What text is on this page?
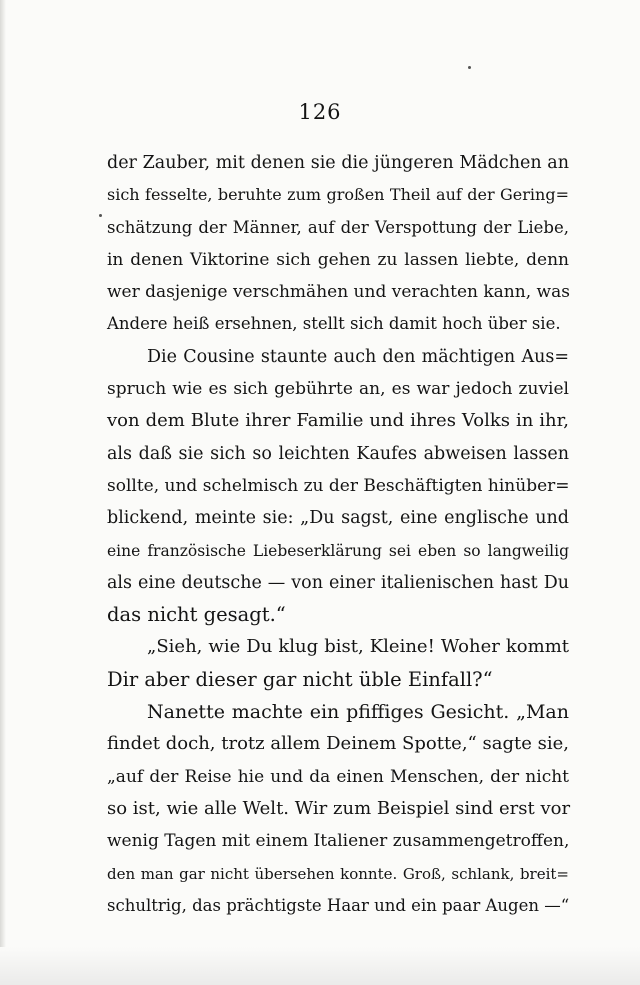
126
der Zauber, mit denen sie die jüngeren Mädchen an
sich fesselte, beruhte zum großen Theil auf der Gering=
schätzung der Männer, auf der Verspottung der Liebe,
in denen Viktorine sich gehen zu lassen liebte, denn
wer dasjenige verschmähen und verachten kann, was
Andere heiß ersehnen, stellt sich damit hoch über sie.
Die Cousine staunte auch den mächtigen Aus=
spruch wie es sich gebührte an, es war jedoch zuviel
von dem Blute ihrer Familie und ihres Volks in ihr,
als daß sie sich so leichten Kaufes abweisen lassen
sollte, und schelmisch zu der Beschäftigten hinüber=
blickend, meinte sie: „Du sagst, eine englische und
eine französische Liebeserklärung sei eben so langweilig
als eine deutsche — von einer italienischen hast Du
das nicht gesagt.“
„Sieh, wie Du klug bist, Kleine! Woher kommt
Dir aber dieser gar nicht üble Einfall?“
Nanette machte ein pfiffiges Gesicht. „Man
findet doch, trotz allem Deinem Spotte,“ sagte sie,
„auf der Reise hie und da einen Menschen, der nicht
so ist, wie alle Welt. Wir zum Beispiel sind erst vor
wenig Tagen mit einem Italiener zusammengetroffen,
den man gar nicht übersehen konnte. Groß, schlank, breit=
schultrig, das prächtigste Haar und ein paar Augen —“
